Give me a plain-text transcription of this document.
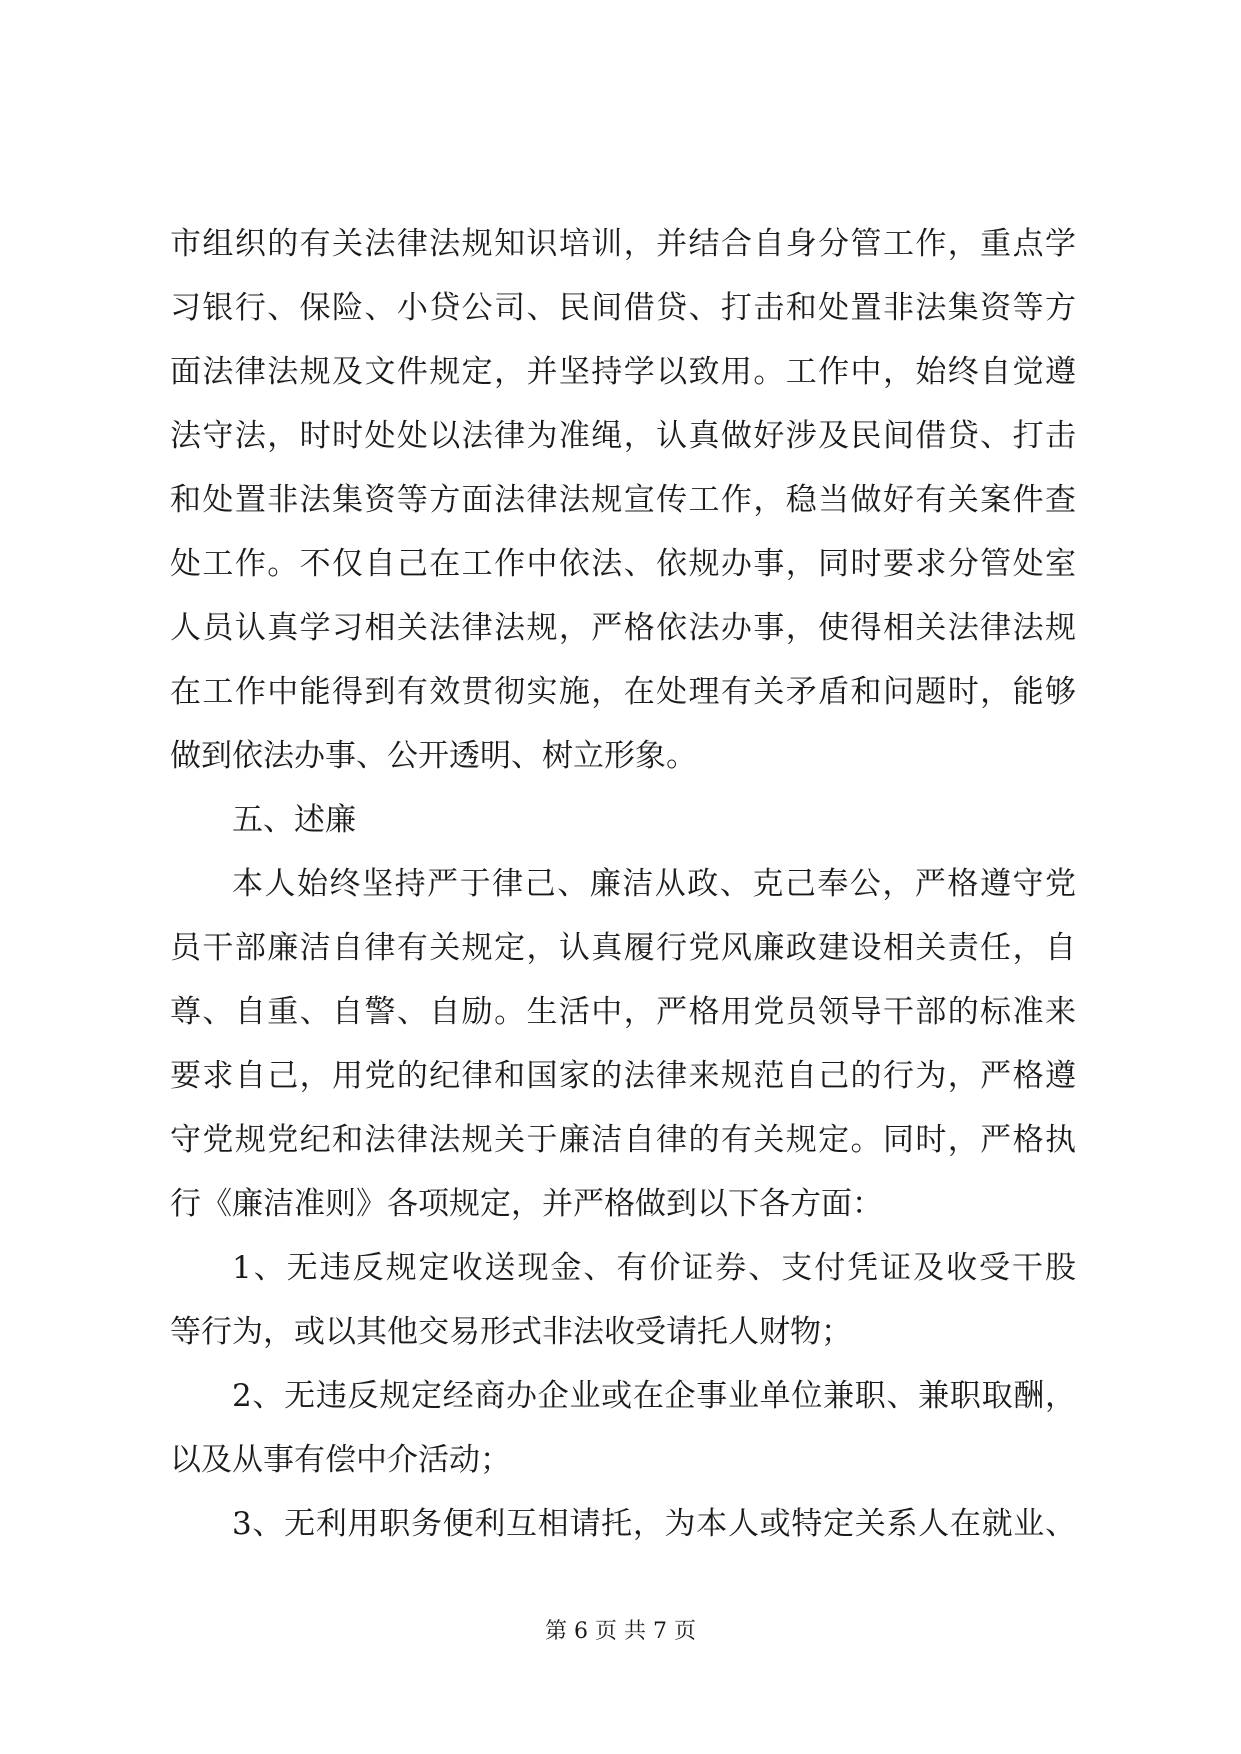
市组织的有关法律法规知识培训，并结合自身分管工作，重点学
习银行、保险、小贷公司、民间借贷、打击和处置非法集资等方
面法律法规及文件规定，并坚持学以致用。工作中，始终自觉遵
法守法，时时处处以法律为准绳，认真做好涉及民间借贷、打击
和处置非法集资等方面法律法规宣传工作，稳当做好有关案件查
处工作。不仅自己在工作中依法、依规办事，同时要求分管处室
人员认真学习相关法律法规，严格依法办事，使得相关法律法规
在工作中能得到有效贯彻实施，在处理有关矛盾和问题时，能够
做到依法办事、公开透明、树立形象。
五、述廉
本人始终坚持严于律己、廉洁从政、克己奉公，严格遵守党
员干部廉洁自律有关规定，认真履行党风廉政建设相关责任，自
尊、自重、自警、自励。生活中，严格用党员领导干部的标准来
要求自己，用党的纪律和国家的法律来规范自己的行为，严格遵
守党规党纪和法律法规关于廉洁自律的有关规定。同时，严格执
行《廉洁准则》各项规定，并严格做到以下各方面：
1、无违反规定收送现金、有价证券、支付凭证及收受干股
等行为，或以其他交易形式非法收受请托人财物；
2、无违反规定经商办企业或在企事业单位兼职、兼职取酬，
以及从事有偿中介活动；
3、无利用职务便利互相请托，为本人或特定关系人在就业、
第 6 页 共 7 页
